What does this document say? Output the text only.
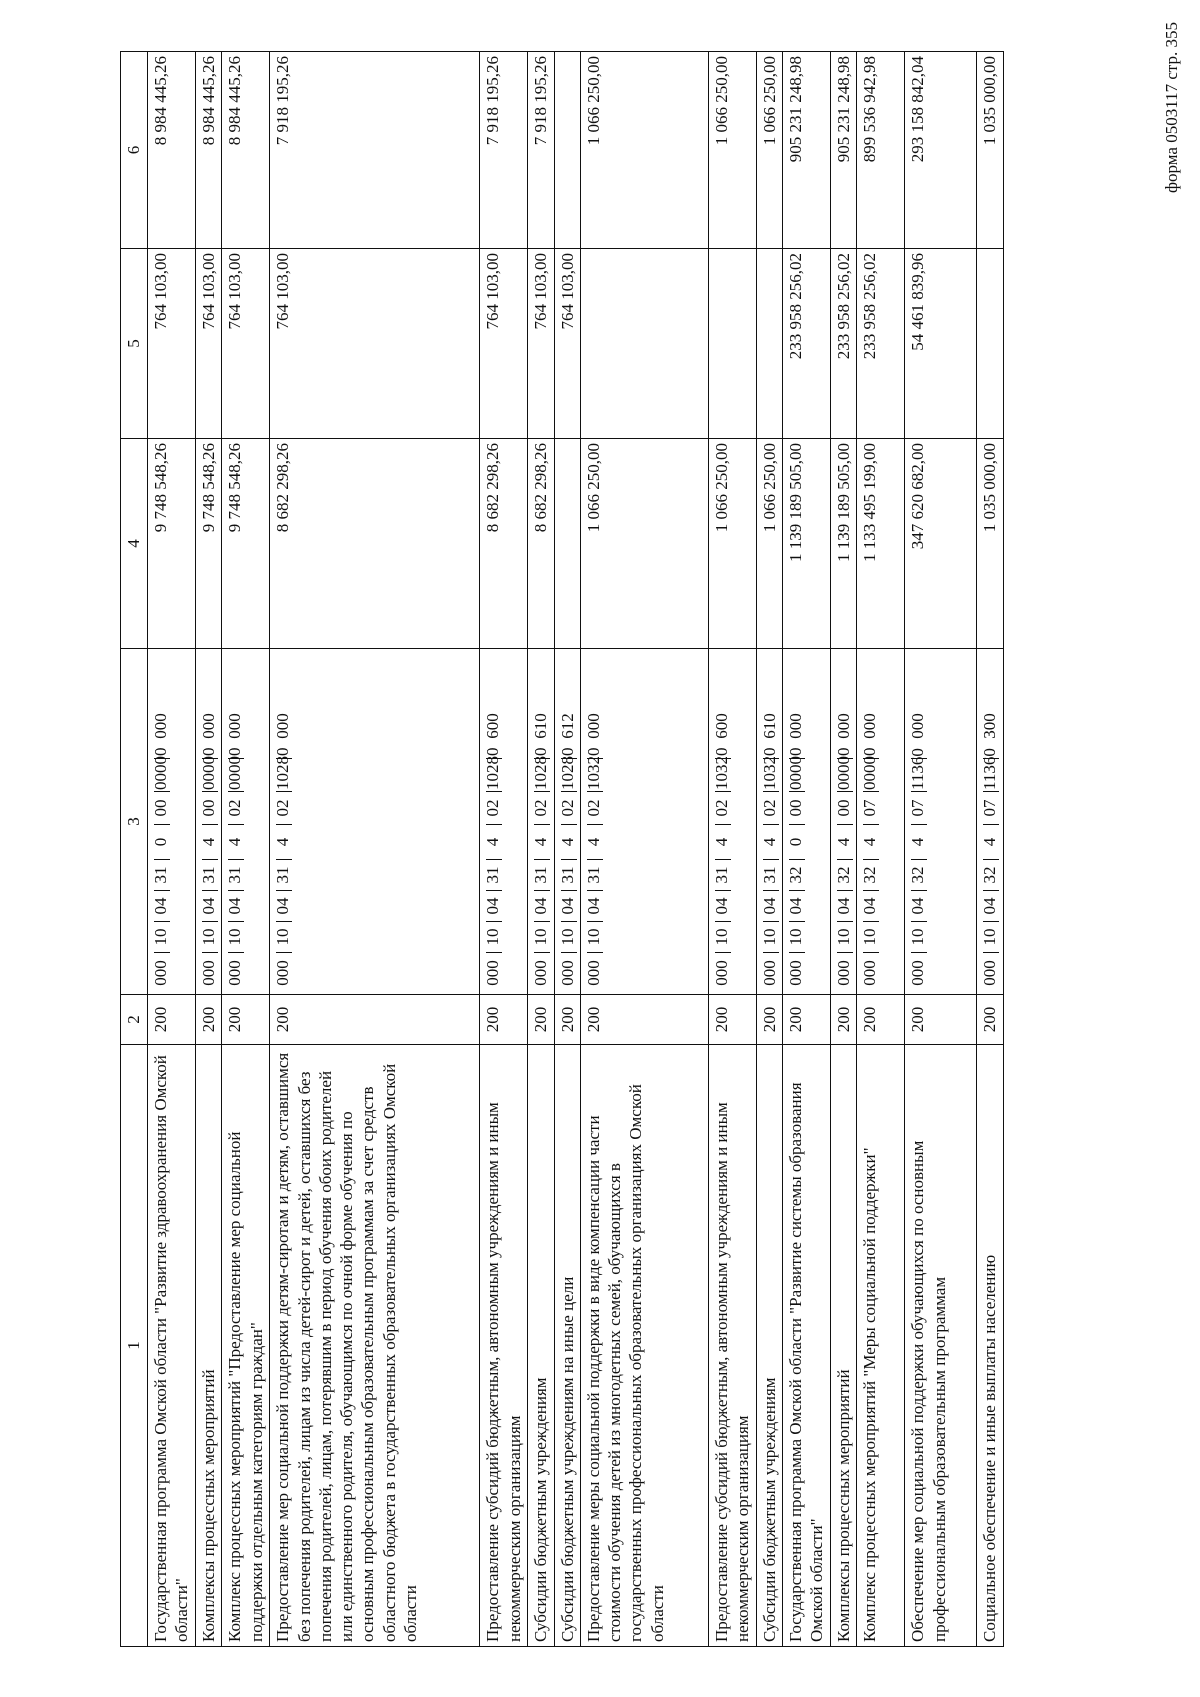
форма 0503117 стр. 355
1	2	3	4	5	6
Государственная программа Омской области "Развитие здравоохранения Омской области"	200	00010043100000000000	9 748 548,26	764 103,00	8 984 445,26
Комплексы процессных мероприятий	200	00010043140000000000	9 748 548,26	764 103,00	8 984 445,26
Комплекс процессных мероприятий "Предоставление мер социальной поддержки отдельным категориям граждан"	200	00010043140200000000	9 748 548,26	764 103,00	8 984 445,26
Предоставление мер социальной поддержки детям-сиротам и детям, оставшимся без попечения родителей, лицам из числа детей-сирот и детей, оставшихся без попечения родителей, лицам, потерявшим в период обучения обоих родителей или единственного родителя, обучающимся по очной форме обучения по основным профессиональным образовательным программам за счет средств областного бюджета в государственных образовательных организациях Омской области	200	00010043140210280000	8 682 298,26	764 103,00	7 918 195,26
Предоставление субсидий бюджетным, автономным учреждениям и иным некоммерческим организациям	200	00010043140210280600	8 682 298,26	764 103,00	7 918 195,26
Субсидии бюджетным учреждениям	200	00010043140210280610	8 682 298,26	764 103,00	7 918 195,26
Субсидии бюджетным учреждениям на иные цели	200	00010043140210280612		764 103,00	
Предоставление меры социальной поддержки в виде компенсации части стоимости обучения детей из многодетных семей, обучающихся в государственных профессиональных образовательных организациях Омской области	200	00010043140210320000	1 066 250,00		1 066 250,00
Предоставление субсидий бюджетным, автономным учреждениям и иным некоммерческим организациям	200	00010043140210320600	1 066 250,00		1 066 250,00
Субсидии бюджетным учреждениям	200	00010043140210320610	1 066 250,00		1 066 250,00
Государственная программа Омской области "Развитие системы образования Омской области"	200	00010043200000000000	1 139 189 505,00	233 958 256,02	905 231 248,98
Комплексы процессных мероприятий	200	00010043240000000000	1 139 189 505,00	233 958 256,02	905 231 248,98
Комплекс процессных мероприятий "Меры социальной поддержки"	200	00010043240700000000	1 133 495 199,00	233 958 256,02	899 536 942,98
Обеспечение мер социальной поддержки обучающихся по основным профессиональным образовательным программам	200	00010043240711360000	347 620 682,00	54 461 839,96	293 158 842,04
Социальное обеспечение и иные выплаты населению	200	00010043240711360300	1 035 000,00		1 035 000,00
